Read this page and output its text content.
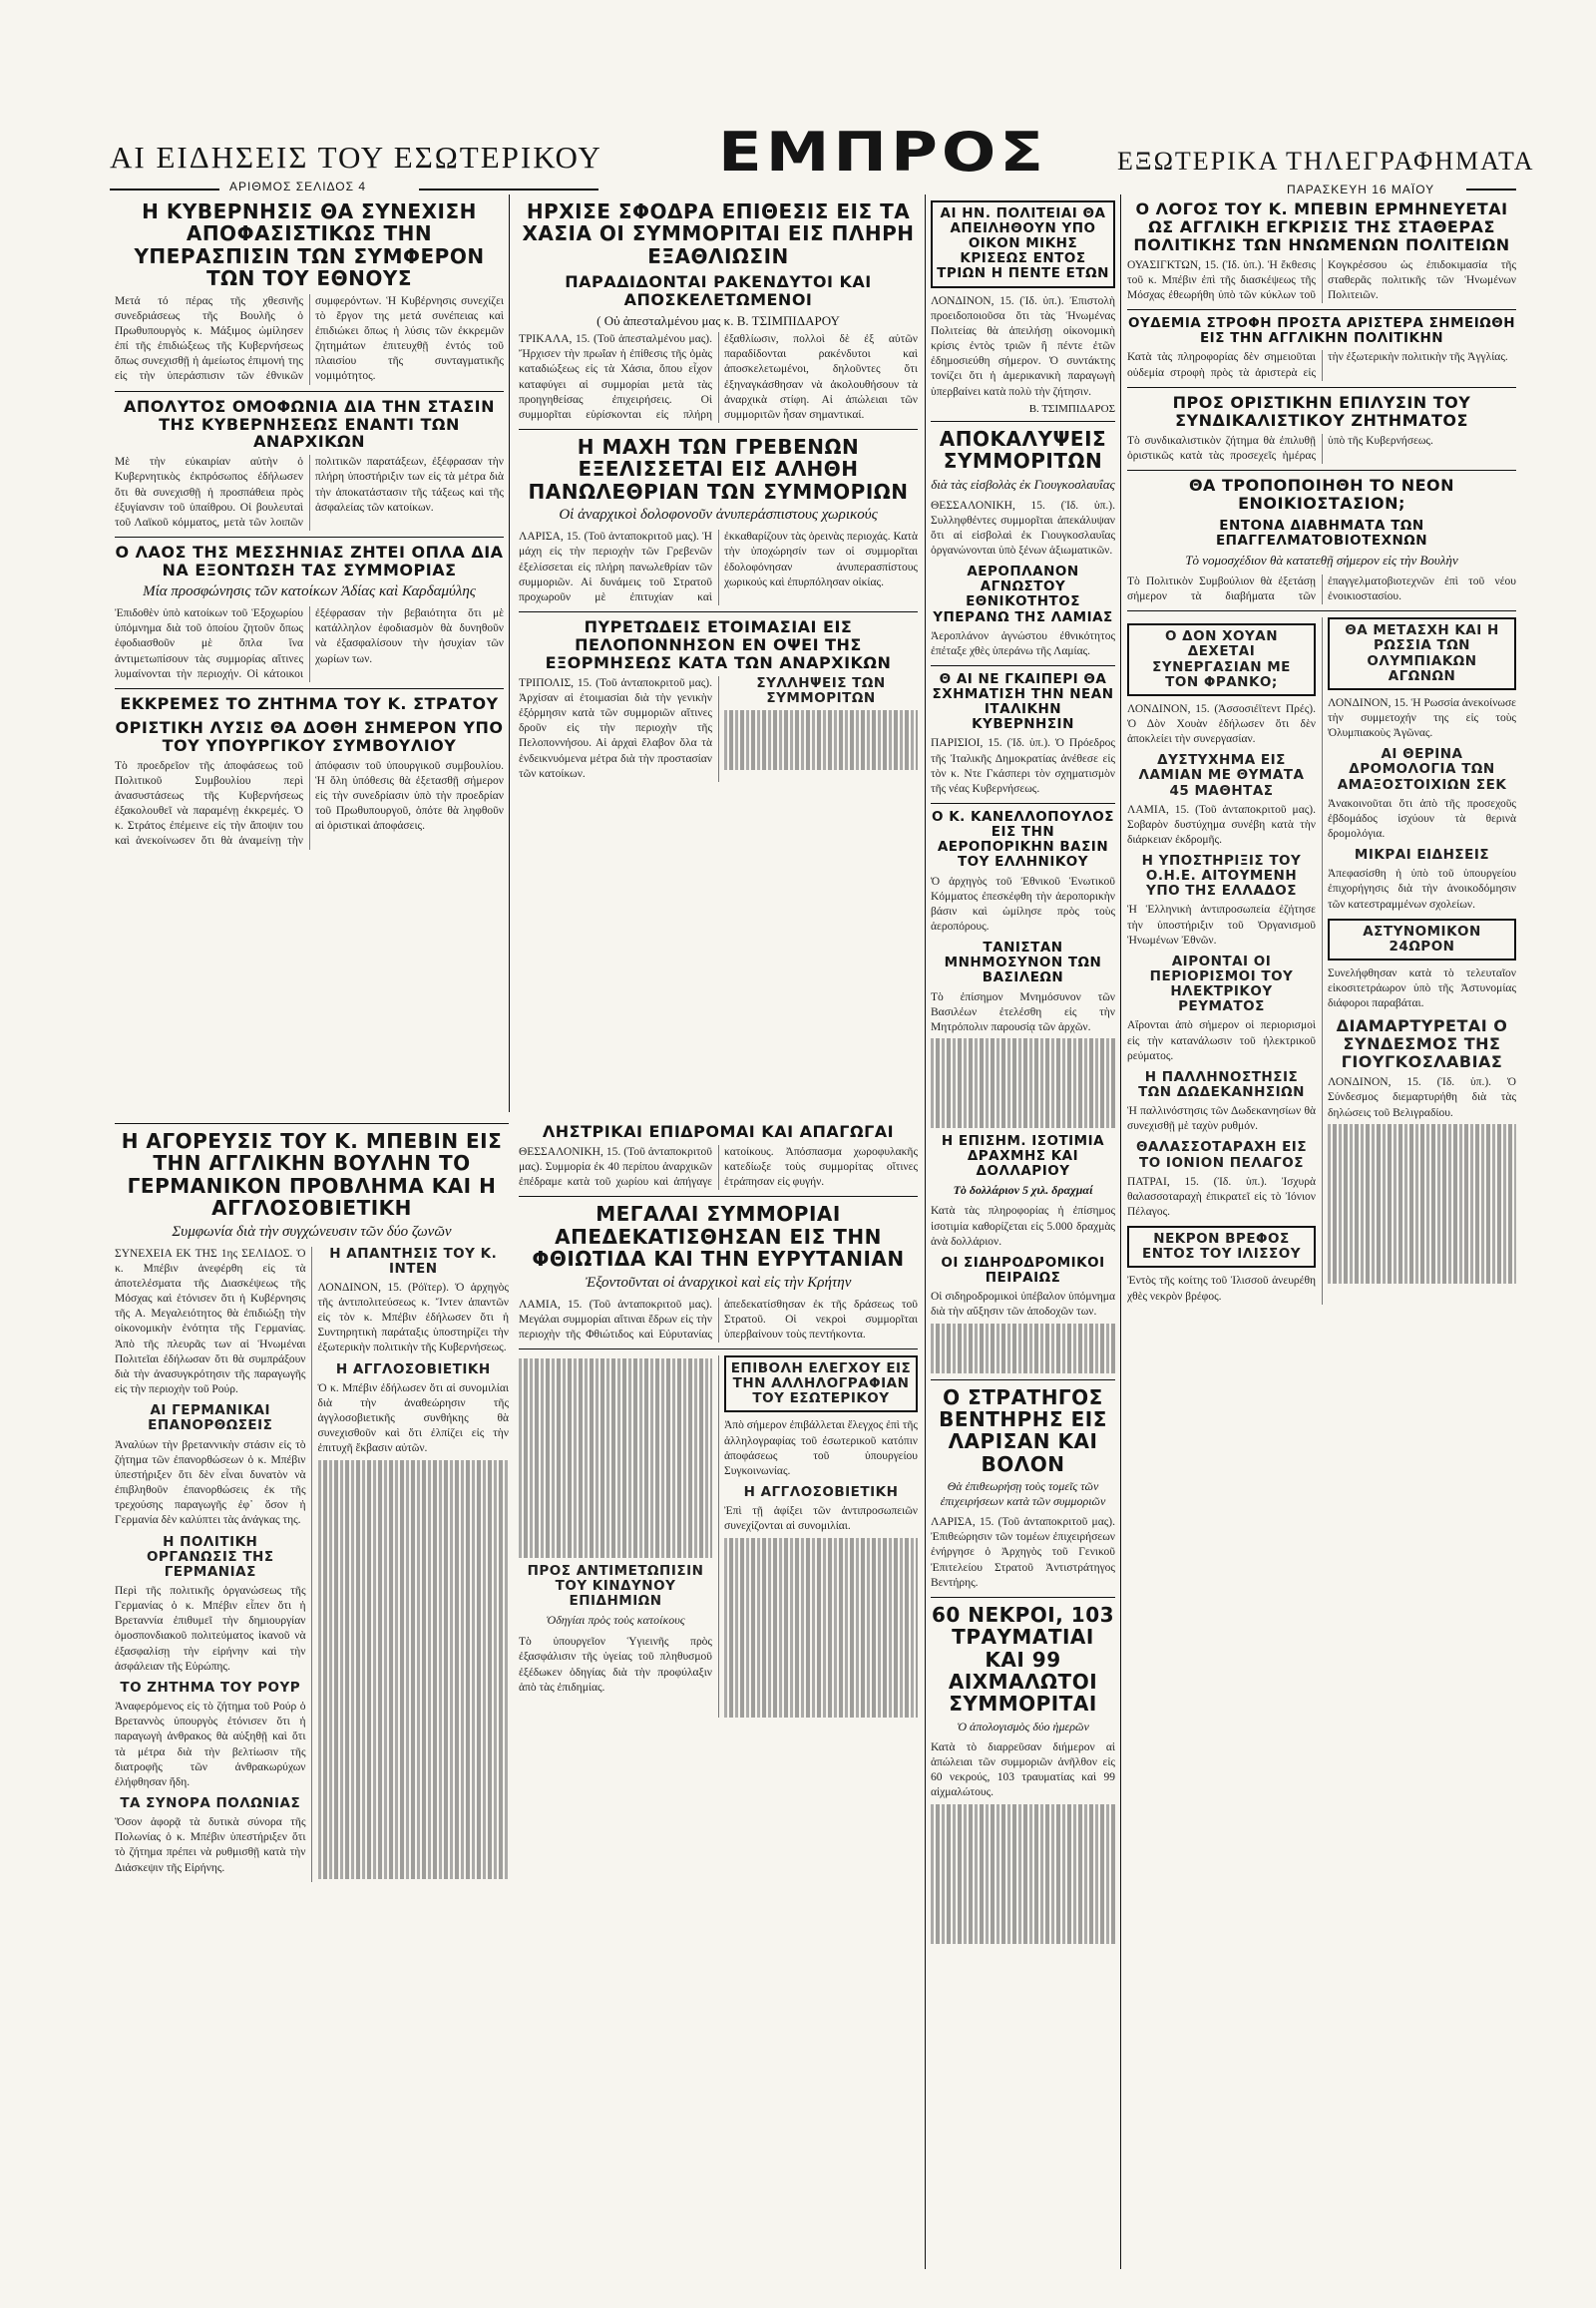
ΑΙ ΕΙΔΗΣΕΙΣ ΤΟΥ ΕΣΩΤΕΡΙΚΟΥ
ΑΡΙΘΜΟΣ ΣΕΛΙΔΟΣ 4
ΕΜΠΡΟΣ	ΕΞΩΤΕΡΙΚΑ ΤΗΛΕΓΡΑΦΗΜΑΤΑ
ΠΑΡΑΣΚΕΥΗ 16 ΜΑΪΟΥ
Η ΚΥΒΕΡΝΗΣΙΣ ΘΑ ΣΥΝΕΧΙΣΗ ΑΠΟΦΑΣΙΣΤΙΚΩΣ ΤΗΝ ΥΠΕΡΑΣΠΙΣΙΝ ΤΩΝ ΣΥΜΦΕΡΟΝ ΤΩΝ ΤΟΥ ΕΘΝΟΥΣ
Μετά τό πέρας τῆς χθεσινῆς συνεδριάσεως τῆς Βουλῆς ὁ Πρωθυπουργὸς κ. Μάξιμος ὡμίλησεν ἐπί τῆς ἐπιδιώξεως τῆς Κυβερνήσεως ὅπως συνεχισθῇ ἡ ἀμείωτος ἐπιμονή της εἰς τὴν ὑπεράσπισιν τῶν ἐθνικῶν συμφερόντων. Ἡ Κυβέρνησις συνεχίζει τὸ ἔργον της μετά συνέπειας καὶ ἐπιδιώκει ὅπως ἡ λύσις τῶν ἐκκρεμῶν ζητημάτων ἐπιτευχθῇ ἐντός τοῦ πλαισίου τῆς συνταγματικῆς νομιμότητος.
ΑΠΟΛΥΤΟΣ ΟΜΟΦΩΝΙΑ ΔΙΑ ΤΗΝ ΣΤΑΣΙΝ ΤΗΣ ΚΥΒΕΡΝΗΣΕΩΣ ΕΝΑΝΤΙ ΤΩΝ ΑΝΑΡΧΙΚΩΝ
Μὲ τὴν εὐκαιρίαν αὐτὴν ὁ Κυβερνητικὸς ἐκπρόσωπος ἐδήλωσεν ὅτι θὰ συνεχισθῇ ἡ προσπάθεια πρὸς ἐξυγίανσιν τοῦ ὑπαίθρου. Οἱ βουλευταὶ τοῦ Λαϊκοῦ κόμματος, μετὰ τῶν λοιπῶν πολιτικῶν παρατάξεων, ἐξέφρασαν τὴν πλήρη ὑποστήριξιν των εἰς τὰ μέτρα διὰ τὴν ἀποκατάστασιν τῆς τάξεως καὶ τῆς ἀσφαλείας τῶν κατοίκων.
Ο ΛΑΟΣ ΤΗΣ ΜΕΣΣΗΝΙΑΣ ΖΗΤΕΙ ΟΠΛΑ ΔΙΑ ΝΑ ΕΞΟΝΤΩΣΗ ΤΑΣ ΣΥΜΜΟΡΙΑΣ
Μία προσφώνησις τῶν κατοίκων Ἀδίας καὶ Καρδαμύλης
Ἐπιδοθὲν ὑπὸ κατοίκων τοῦ Ἑξοχωρίου ὑπόμνημα διὰ τοῦ ὁποίου ζητοῦν ὅπως ἐφοδιασθοῦν μὲ ὅπλα ἵνα ἀντιμετωπίσουν τὰς συμμορίας αἵτινες λυμαίνονται τὴν περιοχήν. Οἱ κάτοικοι ἐξέφρασαν τὴν βεβαιότητα ὅτι μὲ κατάλληλον ἐφοδιασμὸν θὰ δυνηθοῦν νὰ ἐξασφαλίσουν τὴν ἡσυχίαν τῶν χωρίων των.
ΕΚΚΡΕΜΕΣ ΤΟ ΖΗΤΗΜΑ ΤΟΥ Κ. ΣΤΡΑΤΟΥ
ΟΡΙΣΤΙΚΗ ΛΥΣΙΣ ΘΑ ΔΟΘΗ ΣΗΜΕΡΟΝ ΥΠΟ ΤΟΥ ΥΠΟΥΡΓΙΚΟΥ ΣΥΜΒΟΥΛΙΟΥ
Τὸ προεδρεῖον τῆς ἀποφάσεως τοῦ Πολιτικοῦ Συμβουλίου περὶ ἀνασυστάσεως τῆς Κυβερνήσεως ἐξακολουθεῖ νὰ παραμένῃ ἐκκρεμές. Ὁ κ. Στράτος ἐπέμεινε εἰς τὴν ἄποψιν του καὶ ἀνεκοίνωσεν ὅτι θὰ ἀναμείνῃ τὴν ἀπόφασιν τοῦ ὑπουργικοῦ συμβουλίου. Ἡ ὅλη ὑπόθεσις θὰ ἐξετασθῇ σήμερον εἰς τὴν συνεδρίασιν ὑπὸ τὴν προεδρίαν τοῦ Πρωθυπουργοῦ, ὁπότε θὰ ληφθοῦν αἱ ὁριστικαὶ ἀποφάσεις.
Η ΑΓΟΡΕΥΣΙΣ ΤΟΥ Κ. ΜΠΕΒΙΝ ΕΙΣ ΤΗΝ ΑΓΓΛΙΚΗΝ ΒΟΥΛΗΝ ΤΟ ΓΕΡΜΑΝΙΚΟΝ ΠΡΟΒΛΗΜΑ ΚΑΙ Η ΑΓΓΛΟΣΟΒΙΕΤΙΚΗ
Συμφωνία διὰ τὴν συγχώνευσιν τῶν δύο ζωνῶν
ΣΥΝΕΧΕΙΑ ΕΚ ΤΗΣ 1ης ΣΕΛΙΔΟΣ. Ὁ κ. Μπέβιν ἀνεφέρθη εἰς τὰ ἀποτελέσματα τῆς Διασκέψεως τῆς Μόσχας καὶ ἐτόνισεν ὅτι ἡ Κυβέρνησις τῆς Α. Μεγαλειότητος θὰ ἐπιδιώξῃ τὴν οἰκονομικὴν ἑνότητα τῆς Γερμανίας. Ἀπὸ τῆς πλευρᾶς των αἱ Ἡνωμέναι Πολιτεῖαι ἐδήλωσαν ὅτι θὰ συμπράξουν διὰ τὴν ἀνασυγκρότησιν τῆς παραγωγῆς εἰς τὴν περιοχὴν τοῦ Ρούρ.
ΑΙ ΓΕΡΜΑΝΙΚΑΙ ΕΠΑΝΟΡΘΩΣΕΙΣ
Ἀναλύων τὴν βρεταννικὴν στάσιν εἰς τὸ ζήτημα τῶν ἐπανορθώσεων ὁ κ. Μπέβιν ὑπεστήριξεν ὅτι δὲν εἶναι δυνατὸν νὰ ἐπιβληθοῦν ἐπανορθώσεις ἐκ τῆς τρεχούσης παραγωγῆς ἐφ᾽ ὅσον ἡ Γερμανία δὲν καλύπτει τὰς ἀνάγκας της.
Η ΠΟΛΙΤΙΚΗ ΟΡΓΑΝΩΣΙΣ ΤΗΣ ΓΕΡΜΑΝΙΑΣ
Περὶ τῆς πολιτικῆς ὀργανώσεως τῆς Γερμανίας ὁ κ. Μπέβιν εἶπεν ὅτι ἡ Βρεταννία ἐπιθυμεῖ τὴν δημιουργίαν ὁμοσπονδιακοῦ πολιτεύματος ἱκανοῦ νὰ ἐξασφαλίσῃ τὴν εἰρήνην καὶ τὴν ἀσφάλειαν τῆς Εὐρώπης.
ΤΟ ΖΗΤΗΜΑ ΤΟΥ ΡΟΥΡ
Ἀναφερόμενος εἰς τὸ ζήτημα τοῦ Ρούρ ὁ Βρεταννὸς ὑπουργὸς ἐτόνισεν ὅτι ἡ παραγωγὴ ἀνθρακος θὰ αὐξηθῇ καὶ ὅτι τὰ μέτρα διὰ τὴν βελτίωσιν τῆς διατροφῆς τῶν ἀνθρακωρύχων ἐλήφθησαν ἤδη.
ΤΑ ΣΥΝΟΡΑ ΠΟΛΩΝΙΑΣ
Ὅσον ἀφορᾷ τὰ δυτικὰ σύνορα τῆς Πολωνίας ὁ κ. Μπέβιν ὑπεστήριξεν ὅτι τὸ ζήτημα πρέπει νὰ ρυθμισθῇ κατὰ τὴν Διάσκεψιν τῆς Εἰρήνης.
Η ΑΠΑΝΤΗΣΙΣ ΤΟΥ Κ. ΙΝΤΕΝ
ΛΟΝΔΙΝΟΝ, 15. (Ρόϊτερ). Ὁ ἀρχηγὸς τῆς ἀντιπολιτεύσεως κ. Ἴντεν ἀπαντῶν εἰς τὸν κ. Μπέβιν ἐδήλωσεν ὅτι ἡ Συντηρητικὴ παράταξις ὑποστηρίζει τὴν ἐξωτερικὴν πολιτικὴν τῆς Κυβερνήσεως.
Η ΑΓΓΛΟΣΟΒΙΕΤΙΚΗ
Ὁ κ. Μπέβιν ἐδήλωσεν ὅτι αἱ συνομιλίαι διὰ τὴν ἀναθεώρησιν τῆς ἀγγλοσοβιετικῆς συνθήκης θὰ συνεχισθοῦν καὶ ὅτι ἐλπίζει εἰς τὴν ἐπιτυχῆ ἔκβασιν αὐτῶν.
ΗΡΧΙΣΕ ΣΦΟΔΡΑ ΕΠΙΘΕΣΙΣ ΕΙΣ ΤΑ ΧΑΣΙΑ ΟΙ ΣΥΜΜΟΡΙΤΑΙ ΕΙΣ ΠΛΗΡΗ ΕΞΑΘΛΙΩΣΙΝ
ΠΑΡΑΔΙΔΟΝΤΑΙ ΡΑΚΕΝΔΥΤΟΙ ΚΑΙ ΑΠΟΣΚΕΛΕΤΩΜΕΝΟΙ
( Οὐ ἀπεσταλμένου μας κ. Β. ΤΣΙΜΠΙΔΑΡΟΥ
ΤΡΙΚΑΛΑ, 15. (Τοῦ ἀπεσταλμένου μας). Ἤρχισεν τὴν πρωΐαν ἡ ἐπίθεσις τῆς ὁμὰς καταδιώξεως εἰς τὰ Χάσια, ὅπου εἶχον καταφύγει αἱ συμμορίαι μετὰ τὰς προηγηθείσας ἐπιχειρήσεις. Οἱ συμμορῖται εὑρίσκονται εἰς πλήρη ἐξαθλίωσιν, πολλοὶ δὲ ἐξ αὐτῶν παραδίδονται ρακένδυτοι καὶ ἀποσκελετωμένοι, δηλοῦντες ὅτι ἐξηναγκάσθησαν νὰ ἀκολουθήσουν τὰ ἀναρχικὰ στίφη. Αἱ ἀπώλειαι τῶν συμμοριτῶν ἦσαν σημαντικαί.
Η ΜΑΧΗ ΤΩΝ ΓΡΕΒΕΝΩΝ ΕΞΕΛΙΣΣΕΤΑΙ ΕΙΣ ΑΛΗΘΗ ΠΑΝΩΛΕΘΡΙΑΝ ΤΩΝ ΣΥΜΜΟΡΙΩΝ
Οἱ ἀναρχικοὶ δολοφονοῦν ἀνυπεράσπιστους χωρικούς
ΛΑΡΙΣΑ, 15. (Τοῦ ἀνταποκριτοῦ μας). Ἡ μάχη εἰς τὴν περιοχὴν τῶν Γρεβενῶν ἐξελίσσεται εἰς πλήρη πανωλεθρίαν τῶν συμμοριῶν. Αἱ δυνάμεις τοῦ Στρατοῦ προχωροῦν μὲ ἐπιτυχίαν καὶ ἐκκαθαρίζουν τὰς ὀρεινὰς περιοχάς. Κατὰ τὴν ὑποχώρησίν των οἱ συμμορῖται ἐδολοφόνησαν ἀνυπερασπίστους χωρικούς καὶ ἐπυρπόλησαν οἰκίας.
ΠΥΡΕΤΩΔΕΙΣ ΕΤΟΙΜΑΣΙΑΙ ΕΙΣ ΠΕΛΟΠΟΝΝΗΣΟΝ ΕΝ ΟΨΕΙ ΤΗΣ ΕΞΟΡΜΗΣΕΩΣ ΚΑΤΑ ΤΩΝ ΑΝΑΡΧΙΚΩΝ
ΤΡΙΠΟΛΙΣ, 15. (Τοῦ ἀνταποκριτοῦ μας). Ἀρχίσαν αἱ ἐτοιμασίαι διὰ τὴν γενικὴν ἐξόρμησιν κατὰ τῶν συμμοριῶν αἵτινες δροῦν εἰς τὴν περιοχὴν τῆς Πελοποννήσου. Αἱ ἀρχαὶ ἔλαβον ὅλα τὰ ἐνδεικνυόμενα μέτρα διὰ τὴν προστασίαν τῶν κατοίκων.
ΣΥΛΛΗΨΕΙΣ ΤΩΝ ΣΥΜΜΟΡΙΤΩΝ
ΛΗΣΤΡΙΚΑΙ ΕΠΙΔΡΟΜΑΙ ΚΑΙ ΑΠΑΓΩΓΑΙ
ΘΕΣΣΑΛΟΝΙΚΗ, 15. (Τοῦ ἀνταποκριτοῦ μας). Συμμορία ἐκ 40 περίπου ἀναρχικῶν ἐπέδραμε κατὰ τοῦ χωρίου καὶ ἀπήγαγε κατοίκους. Ἀπόσπασμα χωροφυλακῆς κατεδίωξε τοὺς συμμορίτας οἵτινες ἐτράπησαν εἰς φυγήν.
ΜΕΓΑΛΑΙ ΣΥΜΜΟΡΙΑΙ ΑΠΕΔΕΚΑΤΙΣΘΗΣΑΝ ΕΙΣ ΤΗΝ ΦΘΙΩΤΙΔΑ ΚΑΙ ΤΗΝ ΕΥΡΥΤΑΝΙΑΝ
Ἐξοντοῦνται οἱ ἀναρχικοὶ καὶ εἰς τὴν Κρήτην
ΛΑΜΙΑ, 15. (Τοῦ ἀνταποκριτοῦ μας). Μεγάλαι συμμορίαι αἵτιναι ἔδρων εἰς τὴν περιοχὴν τῆς Φθιώτιδος καὶ Εὐρυτανίας ἀπεδεκατίσθησαν ἐκ τῆς δράσεως τοῦ Στρατοῦ. Οἱ νεκροὶ συμμορῖται ὑπερβαίνουν τοὺς πεντήκοντα.
ΠΡΟΣ ΑΝΤΙΜΕΤΩΠΙΣΙΝ ΤΟΥ ΚΙΝΔΥΝΟΥ ΕΠΙΔΗΜΙΩΝ
Ὁδηγίαι πρὸς τοὺς κατοίκους
Τὸ ὑπουργεῖον Ὑγιεινῆς πρὸς ἐξασφάλισιν τῆς ὑγείας τοῦ πληθυσμοῦ ἐξέδωκεν ὁδηγίας διὰ τὴν προφύλαξιν ἀπὸ τὰς ἐπιδημίας.
ΕΠΙΒΟΛΗ ΕΛΕΓΧΟΥ ΕΙΣ ΤΗΝ ΑΛΛΗΛΟΓΡΑΦΙΑΝ ΤΟΥ ΕΣΩΤΕΡΙΚΟΥ
Ἀπὸ σήμερον ἐπιβάλλεται ἔλεγχος ἐπὶ τῆς ἀλληλογραφίας τοῦ ἐσωτερικοῦ κατόπιν ἀποφάσεως τοῦ ὑπουργείου Συγκοινωνίας.
Η ΑΓΓΛΟΣΟΒΙΕΤΙΚΗ
Ἐπὶ τῇ ἀφίξει τῶν ἀντιπροσωπειῶν συνεχίζονται αἱ συνομιλίαι.
ΑΙ ΗΝ. ΠΟΛΙΤΕΙΑΙ ΘΑ ΑΠΕΙΛΗΘΟΥΝ ΥΠΟ ΟΙΚΟΝ ΜΙΚΗΣ ΚΡΙΣΕΩΣ ΕΝΤΟΣ ΤΡΙΩΝ Η ΠΕΝΤΕ ΕΤΩΝ
ΛΟΝΔΙΝΟΝ, 15. (Ἰδ. ὑπ.). Ἐπιστολὴ προειδοποιοῦσα ὅτι τὰς Ἡνωμένας Πολιτείας θὰ ἀπειλήσῃ οἰκονομικὴ κρίσις ἐντὸς τριῶν ἢ πέντε ἐτῶν ἐδημοσιεύθη σήμερον. Ὁ συντάκτης τονίζει ὅτι ἡ ἀμερικανικὴ παραγωγὴ ὑπερβαίνει κατὰ πολὺ τὴν ζήτησιν.
Β. ΤΣΙΜΠΙΔΑΡΟΣ
ΑΠΟΚΑΛΥΨΕΙΣ ΣΥΜΜΟΡΙΤΩΝ
διὰ τὰς εἰσβολὰς ἐκ Γιουγκοσλαυΐας
ΘΕΣΣΑΛΟΝΙΚΗ, 15. (Ἰδ. ὑπ.). Συλληφθέντες συμμορῖται ἀπεκάλυψαν ὅτι αἱ εἰσβολαὶ ἐκ Γιουγκοσλαυΐας ὀργανώνονται ὑπὸ ξένων ἀξιωματικῶν.
ΑΕΡΟΠΛΑΝΟΝ ΑΓΝΩΣΤΟΥ ΕΘΝΙΚΟΤΗΤΟΣ ΥΠΕΡΑΝΩ ΤΗΣ ΛΑΜΙΑΣ
Ἀεροπλάνον ἀγνώστου ἐθνικότητος ἐπέταξε χθὲς ὑπεράνω τῆς Λαμίας.
Θ ΑΙ ΝΕ ΓΚΑΙΠΕΡΙ ΘΑ ΣΧΗΜΑΤΙΣΗ ΤΗΝ ΝΕΑΝ ΙΤΑΛΙΚΗΝ ΚΥΒΕΡΝΗΣΙΝ
ΠΑΡΙΣΙΟΙ, 15. (Ἰδ. ὑπ.). Ὁ Πρόεδρος τῆς Ἰταλικῆς Δημοκρατίας ἀνέθεσε εἰς τὸν κ. Ντε Γκάσπερι τὸν σχηματισμὸν τῆς νέας Κυβερνήσεως.
Ο Κ. ΚΑΝΕΛΛΟΠΟΥΛΟΣ ΕΙΣ ΤΗΝ ΑΕΡΟΠΟΡΙΚΗΝ ΒΑΣΙΝ ΤΟΥ ΕΛΛΗΝΙΚΟΥ
Ὁ ἀρχηγὸς τοῦ Ἐθνικοῦ Ἑνωτικοῦ Κόμματος ἐπεσκέφθη τὴν ἀεροπορικὴν βάσιν καὶ ὡμίλησε πρὸς τοὺς ἀεροπόρους.
ΤΑΝΙΣΤΑΝ ΜΝΗΜΟΣΥΝΟΝ ΤΩΝ ΒΑΣΙΛΕΩΝ
Τὸ ἐπίσημον Μνημόσυνον τῶν Βασιλέων ἐτελέσθη εἰς τὴν Μητρόπολιν παρουσίᾳ τῶν ἀρχῶν.
Η ΕΠΙΣΗΜ. ΙΣΟΤΙΜΙΑ ΔΡΑΧΜΗΣ ΚΑΙ ΔΟΛΛΑΡΙΟΥ
Τὸ δολλάριον 5 χιλ. δραχμαί
Κατὰ τὰς πληροφορίας ἡ ἐπίσημος ἰσοτιμία καθορίζεται εἰς 5.000 δραχμὰς ἀνὰ δολλάριον.
ΟΙ ΣΙΔΗΡΟΔΡΟΜΙΚΟΙ ΠΕΙΡΑΙΩΣ
Οἱ σιδηροδρομικοὶ ὑπέβαλον ὑπόμνημα διὰ τὴν αὔξησιν τῶν ἀποδοχῶν των.
Ο ΣΤΡΑΤΗΓΟΣ ΒΕΝΤΗΡΗΣ ΕΙΣ ΛΑΡΙΣΑΝ ΚΑΙ ΒΟΛΟΝ
Θὰ ἐπιθεωρήσῃ τοὺς τομεῖς τῶν ἐπιχειρήσεων κατὰ τῶν συμμοριῶν
ΛΑΡΙΣΑ, 15. (Τοῦ ἀνταποκριτοῦ μας). Ἐπιθεώρησιν τῶν τομέων ἐπιχειρήσεων ἐνήργησε ὁ Ἀρχηγὸς τοῦ Γενικοῦ Ἐπιτελείου Στρατοῦ Ἀντιστράτηγος Βεντήρης.
60 ΝΕΚΡΟΙ, 103 ΤΡΑΥΜΑΤΙΑΙ ΚΑΙ 99 ΑΙΧΜΑΛΩΤΟΙ ΣΥΜΜΟΡΙΤΑΙ
Ὁ ἀπολογισμὸς δύο ἡμερῶν
Κατὰ τὸ διαρρεῦσαν διήμερον αἱ ἀπώλειαι τῶν συμμοριῶν ἀνῆλθον εἰς 60 νεκρούς, 103 τραυματίας καὶ 99 αἰχμαλώτους.
Ο ΛΟΓΟΣ ΤΟΥ Κ. ΜΠΕΒΙΝ ΕΡΜΗΝΕΥΕΤΑΙ ΩΣ ΑΓΓΛΙΚΗ ΕΓΚΡΙΣΙΣ ΤΗΣ ΣΤΑΘΕΡΑΣ ΠΟΛΙΤΙΚΗΣ ΤΩΝ ΗΝΩΜΕΝΩΝ ΠΟΛΙΤΕΙΩΝ
ΟΥΑΣΙΓΚΤΩΝ, 15. (Ἰδ. ὑπ.). Ἡ ἔκθεσις τοῦ κ. Μπέβιν ἐπὶ τῆς διασκέψεως τῆς Μόσχας ἐθεωρήθη ὑπὸ τῶν κύκλων τοῦ Κογκρέσσου ὡς ἐπιδοκιμασία τῆς σταθερᾶς πολιτικῆς τῶν Ἡνωμένων Πολιτειῶν.
ΟΥΔΕΜΙΑ ΣΤΡΟΦΗ ΠΡΟΣΤΑ ΑΡΙΣΤΕΡΑ ΣΗΜΕΙΩΘΗ ΕΙΣ ΤΗΝ ΑΓΓΛΙΚΗΝ ΠΟΛΙΤΙΚΗΝ
Κατὰ τὰς πληροφορίας δὲν σημειοῦται οὐδεμία στροφὴ πρὸς τὰ ἀριστερὰ εἰς τὴν ἐξωτερικὴν πολιτικὴν τῆς Ἀγγλίας.
ΠΡΟΣ ΟΡΙΣΤΙΚΗΝ ΕΠΙΛΥΣΙΝ ΤΟΥ ΣΥΝΔΙΚΑΛΙΣΤΙΚΟΥ ΖΗΤΗΜΑΤΟΣ
Τὸ συνδικαλιστικὸν ζήτημα θὰ ἐπιλυθῇ ὁριστικῶς κατὰ τὰς προσεχεῖς ἡμέρας ὑπὸ τῆς Κυβερνήσεως.
ΘΑ ΤΡΟΠΟΠΟΙΗΘΗ ΤΟ ΝΕΟΝ ΕΝΟΙΚΙΟΣΤΑΣΙΟΝ;
ΕΝΤΟΝΑ ΔΙΑΒΗΜΑΤΑ ΤΩΝ ΕΠΑΓΓΕΛΜΑΤΟΒΙΟΤΕΧΝΩΝ
Τὸ νομοσχέδιον θὰ κατατεθῇ σήμερον εἰς τὴν Βουλὴν
Τὸ Πολιτικὸν Συμβούλιον θὰ ἐξετάσῃ σήμερον τὰ διαβήματα τῶν ἐπαγγελματοβιοτεχνῶν ἐπὶ τοῦ νέου ἐνοικιοστασίου.
Ο ΔΟΝ ΧΟΥΑΝ ΔΕΧΕΤΑΙ ΣΥΝΕΡΓΑΣΙΑΝ ΜΕ ΤΟΝ ΦΡΑΝΚΟ;
ΛΟΝΔΙΝΟΝ, 15. (Ἀσσοσιέϊτεντ Πρές). Ὁ Δὸν Χουὰν ἐδήλωσεν ὅτι δὲν ἀποκλείει τὴν συνεργασίαν.
ΔΥΣΤΥΧΗΜΑ ΕΙΣ ΛΑΜΙΑΝ ΜΕ ΘΥΜΑΤΑ 45 ΜΑΘΗΤΑΣ
ΛΑΜΙΑ, 15. (Τοῦ ἀνταποκριτοῦ μας). Σοβαρὸν δυστύχημα συνέβη κατὰ τὴν διάρκειαν ἐκδρομῆς.
Η ΥΠΟΣΤΗΡΙΞΙΣ ΤΟΥ Ο.Η.Ε. ΑΙΤΟΥΜΕΝΗ ΥΠΟ ΤΗΣ ΕΛΛΑΔΟΣ
Ἡ Ἑλληνικὴ ἀντιπροσωπεία ἐζήτησε τὴν ὑποστήριξιν τοῦ Ὀργανισμοῦ Ἡνωμένων Ἐθνῶν.
ΑΙΡΟΝΤΑΙ ΟΙ ΠΕΡΙΟΡΙΣΜΟΙ ΤΟΥ ΗΛΕΚΤΡΙΚΟΥ ΡΕΥΜΑΤΟΣ
Αἴρονται ἀπὸ σήμερον οἱ περιορισμοὶ εἰς τὴν κατανάλωσιν τοῦ ἠλεκτρικοῦ ρεύματος.
Η ΠΑΛΛΗΝΟΣΤΗΣΙΣ ΤΩΝ ΔΩΔΕΚΑΝΗΣΙΩΝ
Ἡ παλλινόστησις τῶν Δωδεκανησίων θὰ συνεχισθῇ μὲ ταχὺν ρυθμόν.
ΘΑΛΑΣΣΟΤΑΡΑΧΗ ΕΙΣ ΤΟ ΙΟΝΙΟΝ ΠΕΛΑΓΟΣ
ΠΑΤΡΑΙ, 15. (Ἰδ. ὑπ.). Ἰσχυρὰ θαλασσοταραχὴ ἐπικρατεῖ εἰς τὸ Ἰόνιον Πέλαγος.
ΝΕΚΡΟΝ ΒΡΕΦΟΣ ΕΝΤΟΣ ΤΟΥ ΙΛΙΣΣΟΥ
Ἐντὸς τῆς κοίτης τοῦ Ἰλισσοῦ ἀνευρέθη χθὲς νεκρὸν βρέφος.
ΘΑ ΜΕΤΑΣΧΗ ΚΑΙ Η ΡΩΣΣΙΑ ΤΩΝ ΟΛΥΜΠΙΑΚΩΝ ΑΓΩΝΩΝ
ΛΟΝΔΙΝΟΝ, 15. Ἡ Ρωσσία ἀνεκοίνωσε τὴν συμμετοχήν της εἰς τοὺς Ὀλυμπιακοὺς Ἀγῶνας.
ΑΙ ΘΕΡΙΝΑ ΔΡΟΜΟΛΟΓΙΑ ΤΩΝ ΑΜΑΞΟΣΤΟΙΧΙΩΝ ΣΕΚ
Ἀνακοινοῦται ὅτι ἀπὸ τῆς προσεχοῦς ἐβδομάδος ἰσχύουν τὰ θερινὰ δρομολόγια.
ΜΙΚΡΑΙ ΕΙΔΗΣΕΙΣ
Ἀπεφασίσθη ἡ ὑπὸ τοῦ ὑπουργείου ἐπιχορήγησις διὰ τὴν ἀνοικοδόμησιν τῶν κατεστραμμένων σχολείων.
ΑΣΤΥΝΟΜΙΚΟΝ 24ΩΡΟΝ
Συνελήφθησαν κατὰ τὸ τελευταῖον εἰκοσιτετράωρον ὑπὸ τῆς Ἀστυνομίας διάφοροι παραβάται.
ΔΙΑΜΑΡΤΥΡΕΤΑΙ Ο ΣΥΝΔΕΣΜΟΣ ΤΗΣ ΓΙΟΥΓΚΟΣΛΑΒΙΑΣ
ΛΟΝΔΙΝΟΝ, 15. (Ἰδ. ὑπ.). Ὁ Σύνδεσμος διεμαρτυρήθη διὰ τὰς δηλώσεις τοῦ Βελιγραδίου.
